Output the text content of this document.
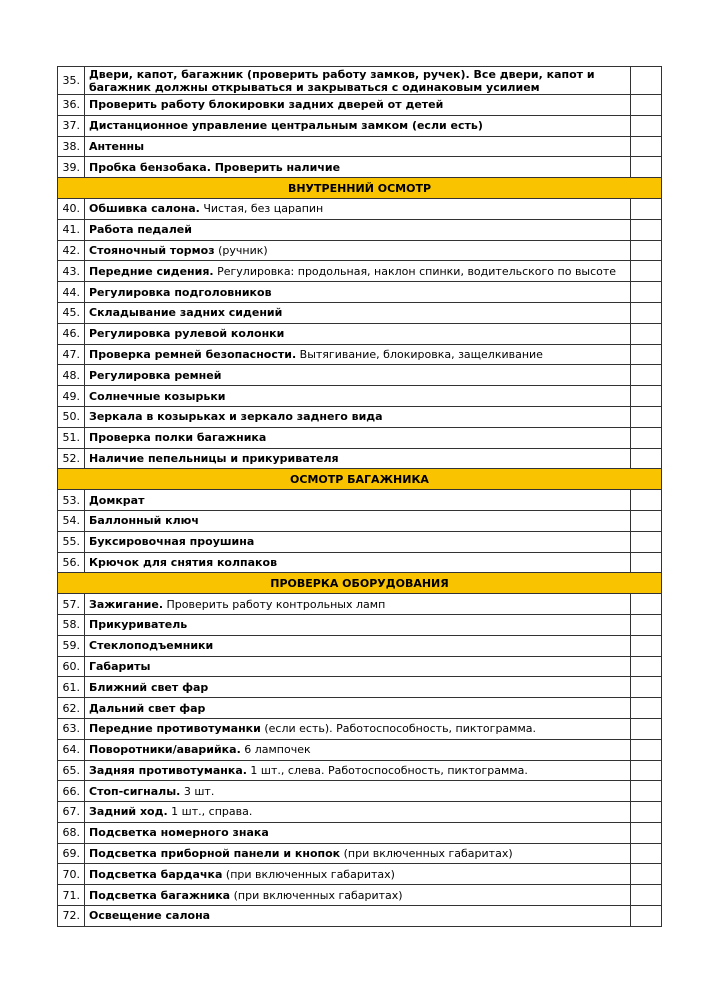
35.	Двери, капот, багажник (проверить работу замков, ручек). Все двери, капот и багажник должны открываться и закрываться с одинаковым усилием	
36.	Проверить работу блокировки задних дверей от детей	
37.	Дистанционное управление центральным замком (если есть)	
38.	Антенны	
39.	Пробка бензобака. Проверить наличие	
ВНУТРЕННИЙ ОСМОТР		
40.	Обшивка салона. Чистая, без царапин	
41.	Работа педалей	
42.	Стояночный тормоз (ручник)	
43.	Передние сидения. Регулировка: продольная, наклон спинки, водительского по высоте	
44.	Регулировка подголовников	
45.	Складывание задних сидений	
46.	Регулировка рулевой колонки	
47.	Проверка ремней безопасности. Вытягивание, блокировка, защелкивание	
48.	Регулировка ремней	
49.	Солнечные козырьки	
50.	Зеркала в козырьках и зеркало заднего вида	
51.	Проверка полки багажника	
52.	Наличие пепельницы и прикуривателя	
ОСМОТР БАГАЖНИКА		
53.	Домкрат	
54.	Баллонный ключ	
55.	Буксировочная проушина	
56.	Крючок для снятия колпаков	
ПРОВЕРКА ОБОРУДОВАНИЯ		
57.	Зажигание. Проверить работу контрольных ламп	
58.	Прикуриватель	
59.	Стеклоподъемники	
60.	Габариты	
61.	Ближний свет фар	
62.	Дальний свет фар	
63.	Передние противотуманки (если есть). Работоспособность, пиктограмма.	
64.	Поворотники/аварийка. 6 лампочек	
65.	Задняя противотуманка. 1 шт., слева. Работоспособность, пиктограмма.	
66.	Стоп-сигналы. 3 шт.	
67.	Задний ход. 1 шт., справа.	
68.	Подсветка номерного знака	
69.	Подсветка приборной панели и кнопок (при включенных габаритах)	
70.	Подсветка бардачка (при включенных габаритах)	
71.	Подсветка багажника (при включенных габаритах)	
72.	Освещение салона	
